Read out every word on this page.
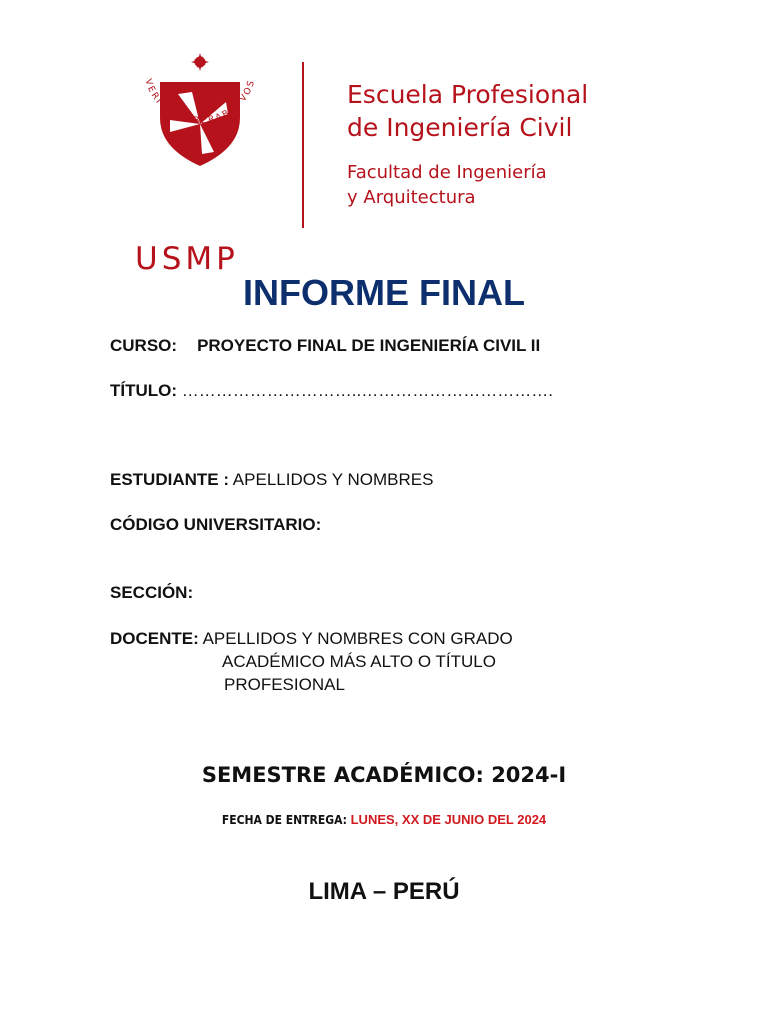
VERITAS LIBERABIT VOS
USMP
Escuela Profesional
de Ingeniería Civil
Facultad de Ingeniería
y Arquitectura
INFORME FINAL
CURSO: PROYECTO FINAL DE INGENIERÍA CIVIL II
TÍTULO: …………………………..…………………………….
ESTUDIANTE : APELLIDOS Y NOMBRES
CÓDIGO UNIVERSITARIO:
SECCIÓN:
DOCENTE: APELLIDOS Y NOMBRES CON GRADO
ACADÉMICO MÁS ALTO O TÍTULO
PROFESIONAL
SEMESTRE ACADÉMICO: 2024-I
FECHA DE ENTREGA: LUNES, XX DE JUNIO DEL 2024
LIMA – PERÚ
